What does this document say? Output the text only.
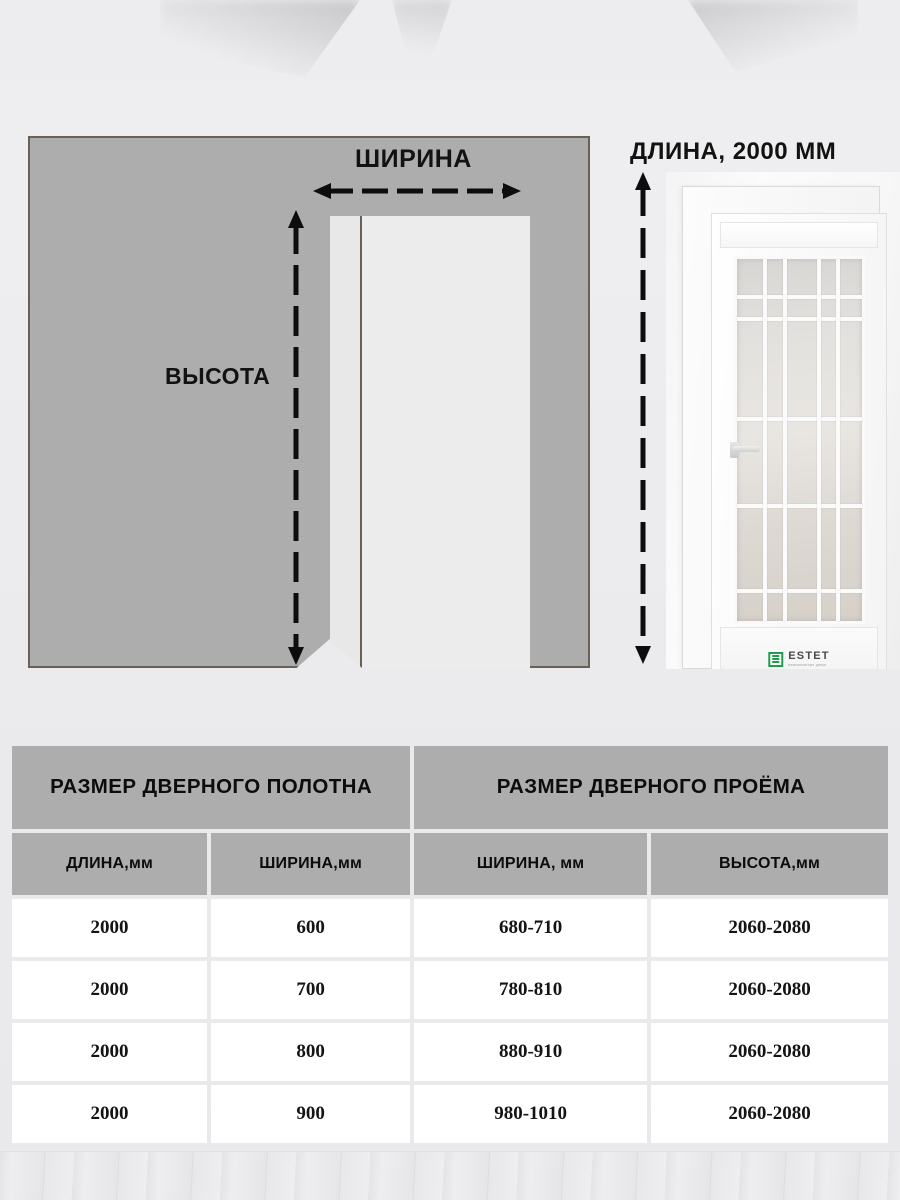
ШИРИНА
ВЫСОТА
ДЛИНА, 2000 ММ
ESTET
межкомнатные двери
РАЗМЕР ДВЕРНОГО ПОЛОТНА	РАЗМЕР ДВЕРНОГО ПРОЁМА
ДЛИНА,мм	ШИРИНА,мм	ШИРИНА, мм	ВЫСОТА,мм
2000	600	680-710	2060-2080
2000	700	780-810	2060-2080
2000	800	880-910	2060-2080
2000	900	980-1010	2060-2080
